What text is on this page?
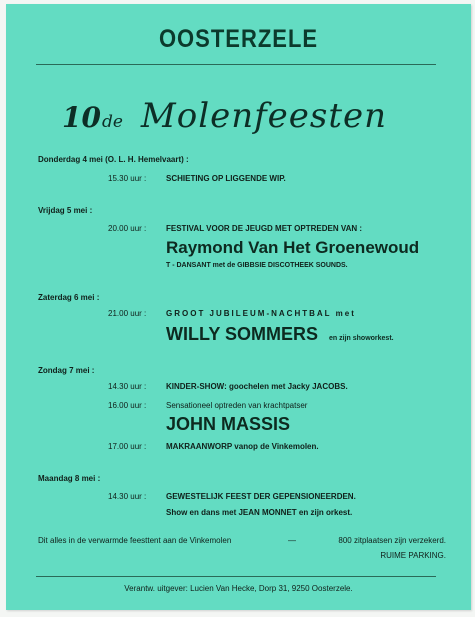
OOSTERZELE
10de Molenfeesten
Donderdag 4 mei (O. L. H. Hemelvaart) :
15.30 uur : SCHIETING OP LIGGENDE WIP.
Vrijdag 5 mei :
20.00 uur : FESTIVAL VOOR DE JEUGD MET OPTREDEN VAN :
Raymond Van Het Groenewoud
T - DANSANT met de GIBBSIE DISCOTHEEK SOUNDS.
Zaterdag 6 mei :
21.00 uur : GROOT JUBILEUM-NACHTBAL met
WILLY SOMMERS en zijn showorkest.
Zondag 7 mei :
14.30 uur : KINDER-SHOW: goochelen met Jacky JACOBS.
16.00 uur : Sensationeel optreden van krachtpatser
JOHN MASSIS
17.00 uur : MAKRAANWORP vanop de Vinkemolen.
Maandag 8 mei :
14.30 uur : GEWESTELIJK FEEST DER GEPENSIONEERDEN.
Show en dans met JEAN MONNET en zijn orkest.
Dit alles in de verwarmde feesttent aan de Vinkemolen	—	800 zitplaatsen zijn verzekerd.
RUIME PARKING.
Verantw. uitgever: Lucien Van Hecke, Dorp 31, 9250 Oosterzele.
